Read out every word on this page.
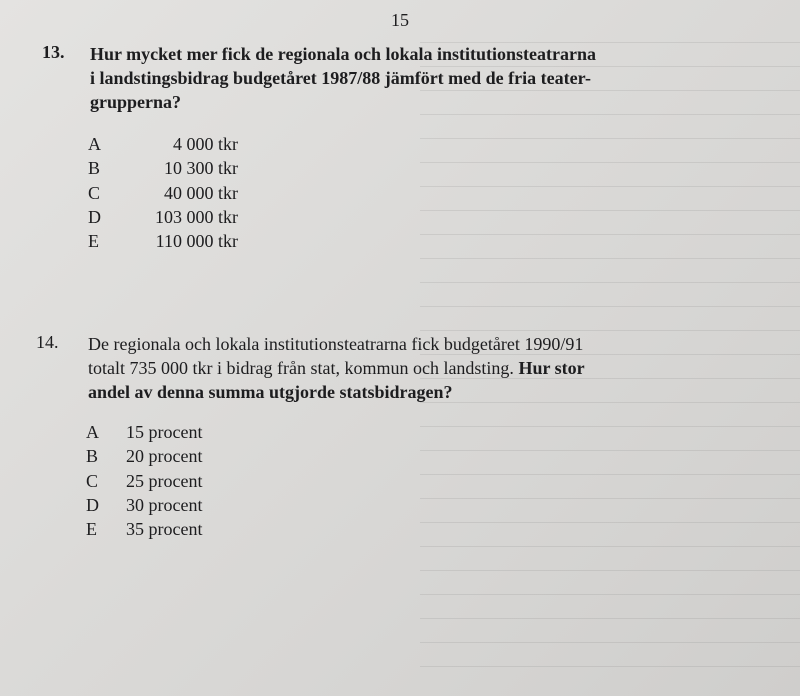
15
13. Hur mycket mer fick de regionala och lokala institutionsteatrarna
i landstingsbidrag budgetåret 1987/88 jämfört med de fria teater-
grupperna?
A	4 000 tkr
B	10 300 tkr
C	40 000 tkr
D	103 000 tkr
E	110 000 tkr
14. De regionala och lokala institutionsteatrarna fick budgetåret 1990/91
totalt 735 000 tkr i bidrag från stat, kommun och landsting. Hur stor
andel av denna summa utgjorde statsbidragen?
A	15 procent
B	20 procent
C	25 procent
D	30 procent
E	35 procent
